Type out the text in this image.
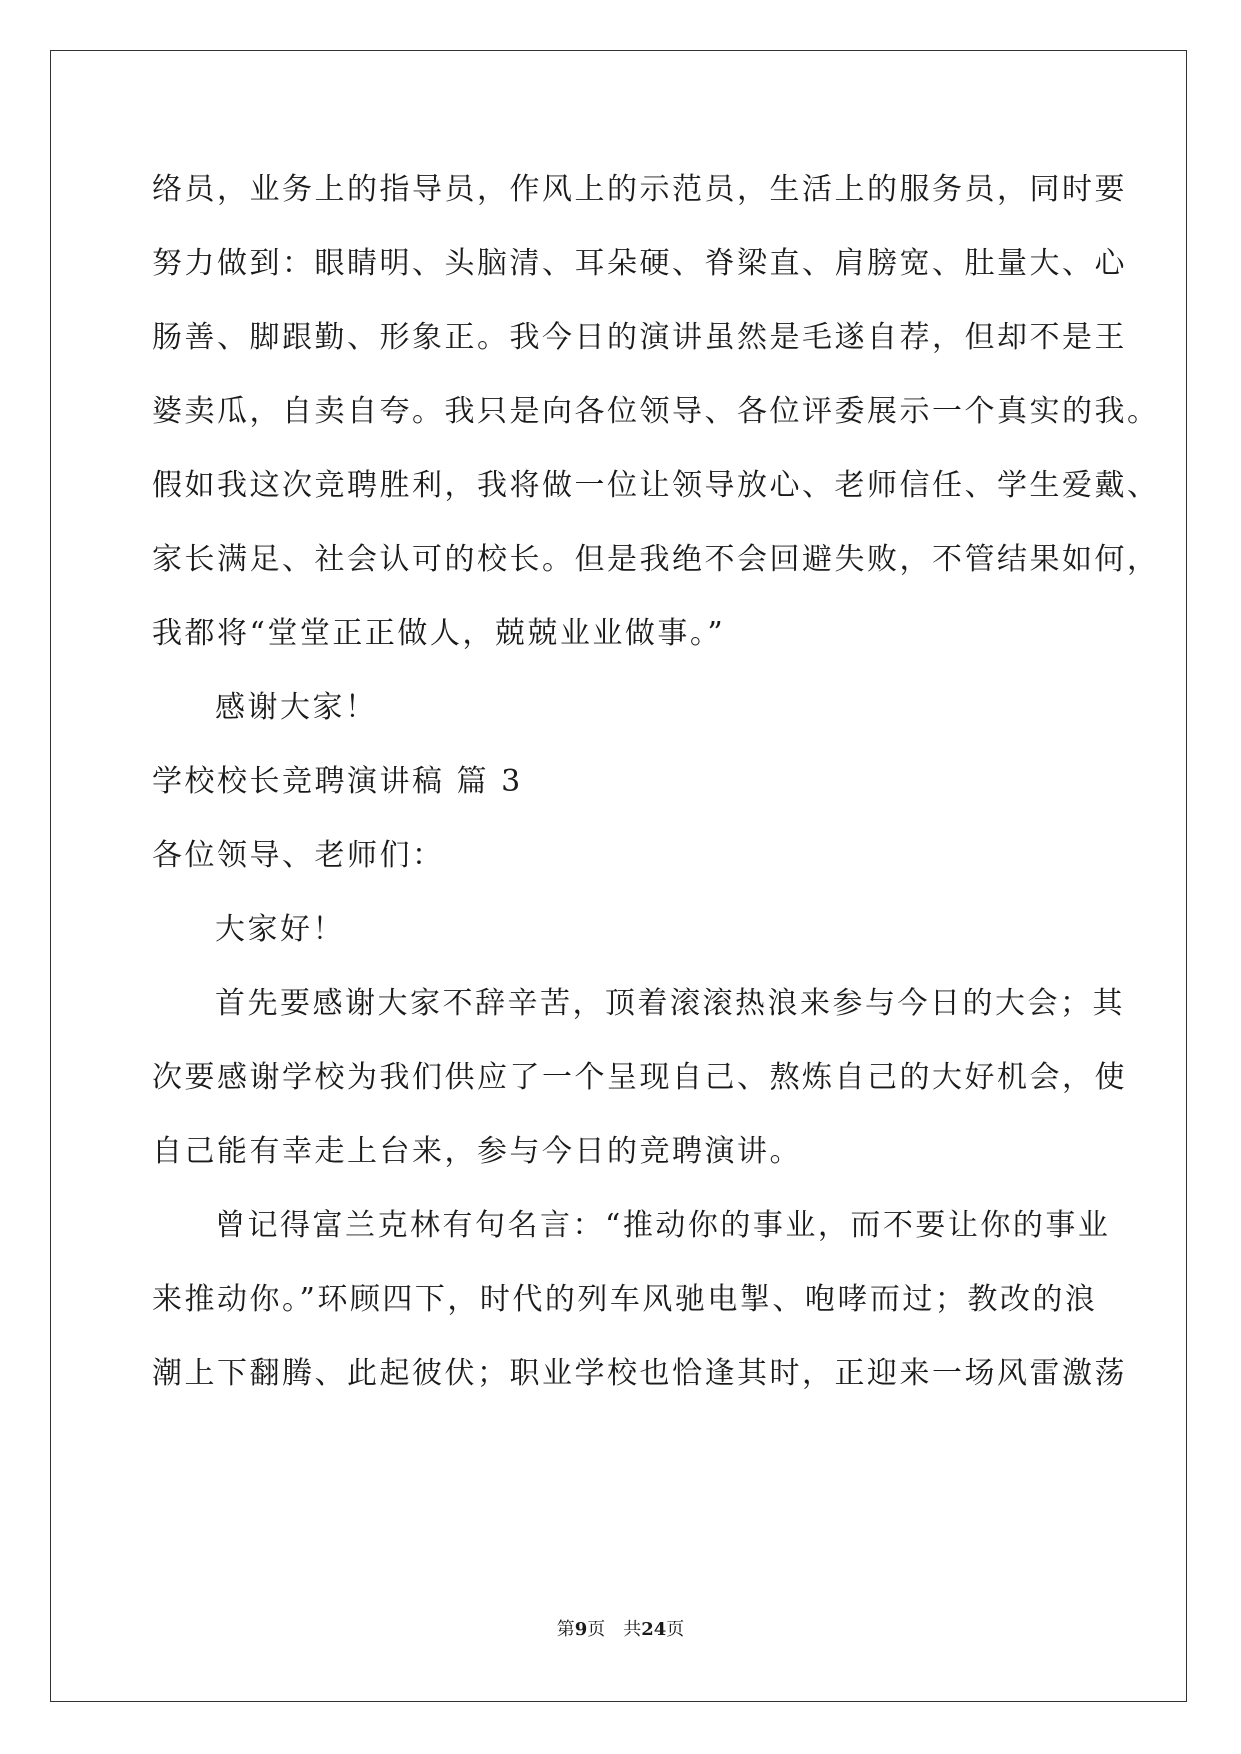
络员，业务上的指导员，作风上的示范员，生活上的服务员，同时要
努力做到：眼睛明、头脑清、耳朵硬、脊梁直、肩膀宽、肚量大、心
肠善、脚跟勤、形象正。我今日的演讲虽然是毛遂自荐，但却不是王
婆卖瓜，自卖自夸。我只是向各位领导、各位评委展示一个真实的我。
假如我这次竞聘胜利，我将做一位让领导放心、老师信任、学生爱戴、
家长满足、社会认可的校长。但是我绝不会回避失败，不管结果如何，
我都将“堂堂正正做人，兢兢业业做事。”
感谢大家！
学校校长竞聘演讲稿 篇 3
各位领导、老师们：
大家好！
首先要感谢大家不辞辛苦，顶着滚滚热浪来参与今日的大会；其
次要感谢学校为我们供应了一个呈现自己、熬炼自己的大好机会，使
自己能有幸走上台来，参与今日的竞聘演讲。
曾记得富兰克林有句名言：“推动你的事业，而不要让你的事业
来推动你。”环顾四下，时代的列车风驰电掣、咆哮而过；教改的浪
潮上下翻腾、此起彼伏；职业学校也恰逢其时，正迎来一场风雷激荡
第9页　共24页
